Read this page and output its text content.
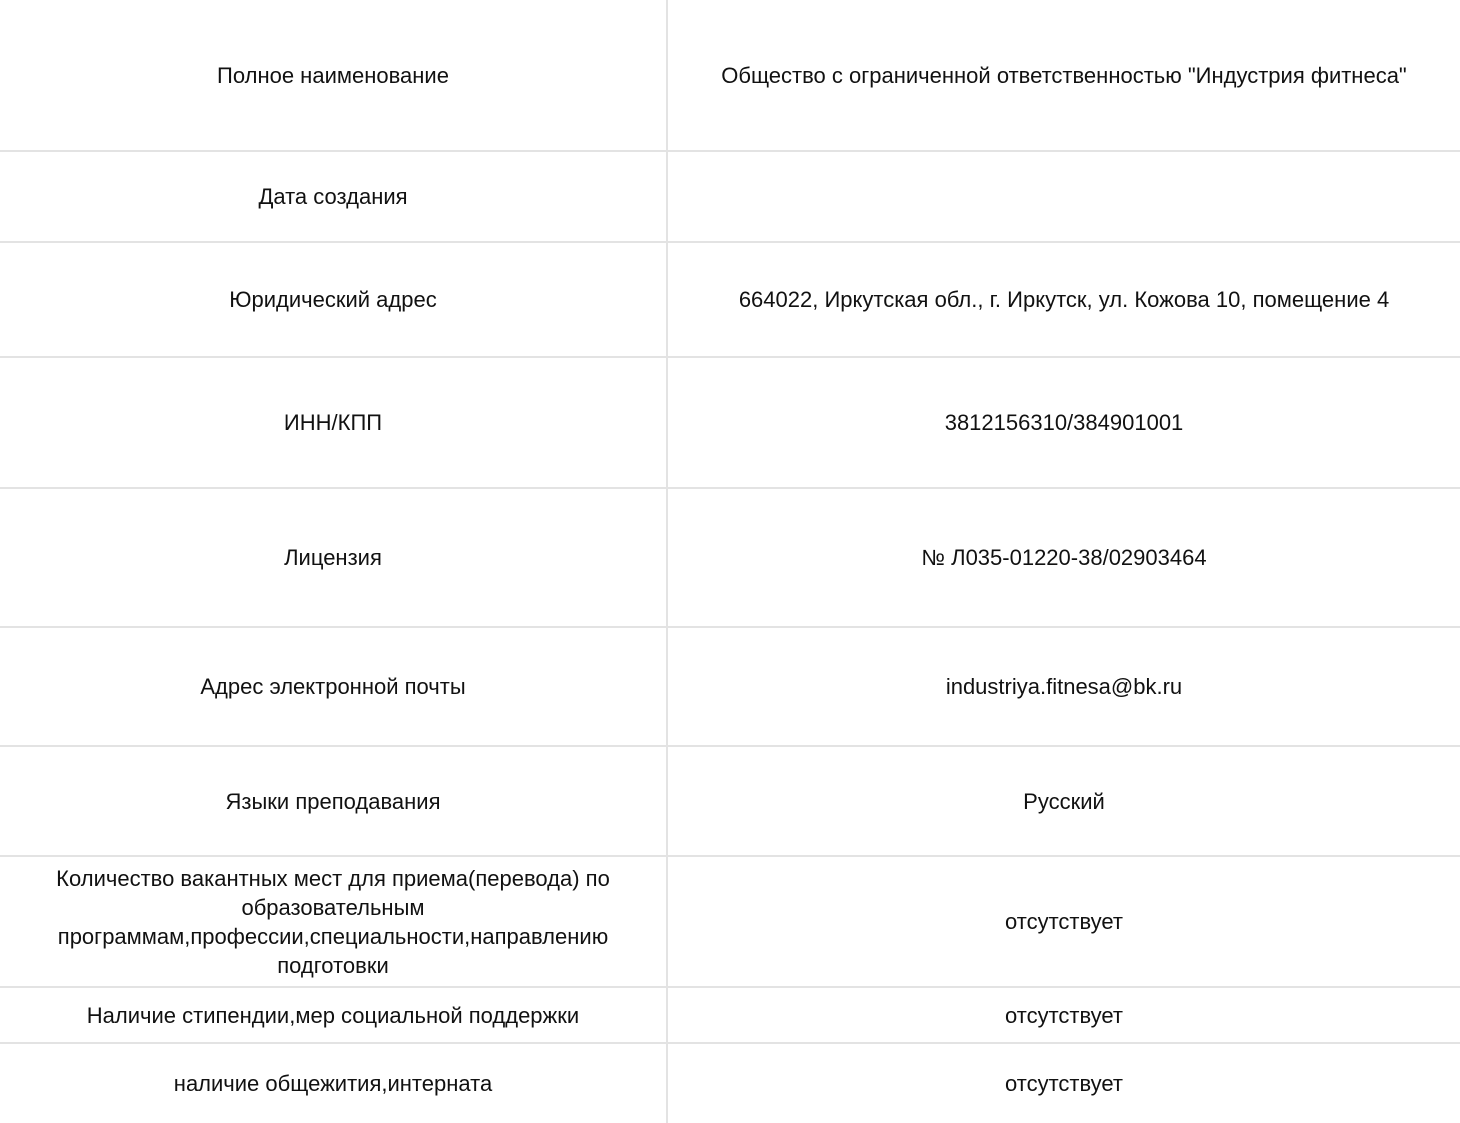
Полное наименование	Общество с ограниченной ответственностью "Индустрия фитнеса"
Дата создания	
Юридический адрес	664022, Иркутская обл., г. Иркутск, ул. Кожова 10, помещение 4
ИНН/КПП	3812156310/384901001
Лицензия	№ Л035-01220-38/02903464
Адрес электронной почты	industriya.fitnesa@bk.ru
Языки преподавания	Русский
Количество вакантных мест для приема(перевода) по образовательным программам,профессии,специальности,направлению подготовки	отсутствует
Наличие стипендии,мер социальной поддержки	отсутствует
наличие общежития,интерната	отсутствует
